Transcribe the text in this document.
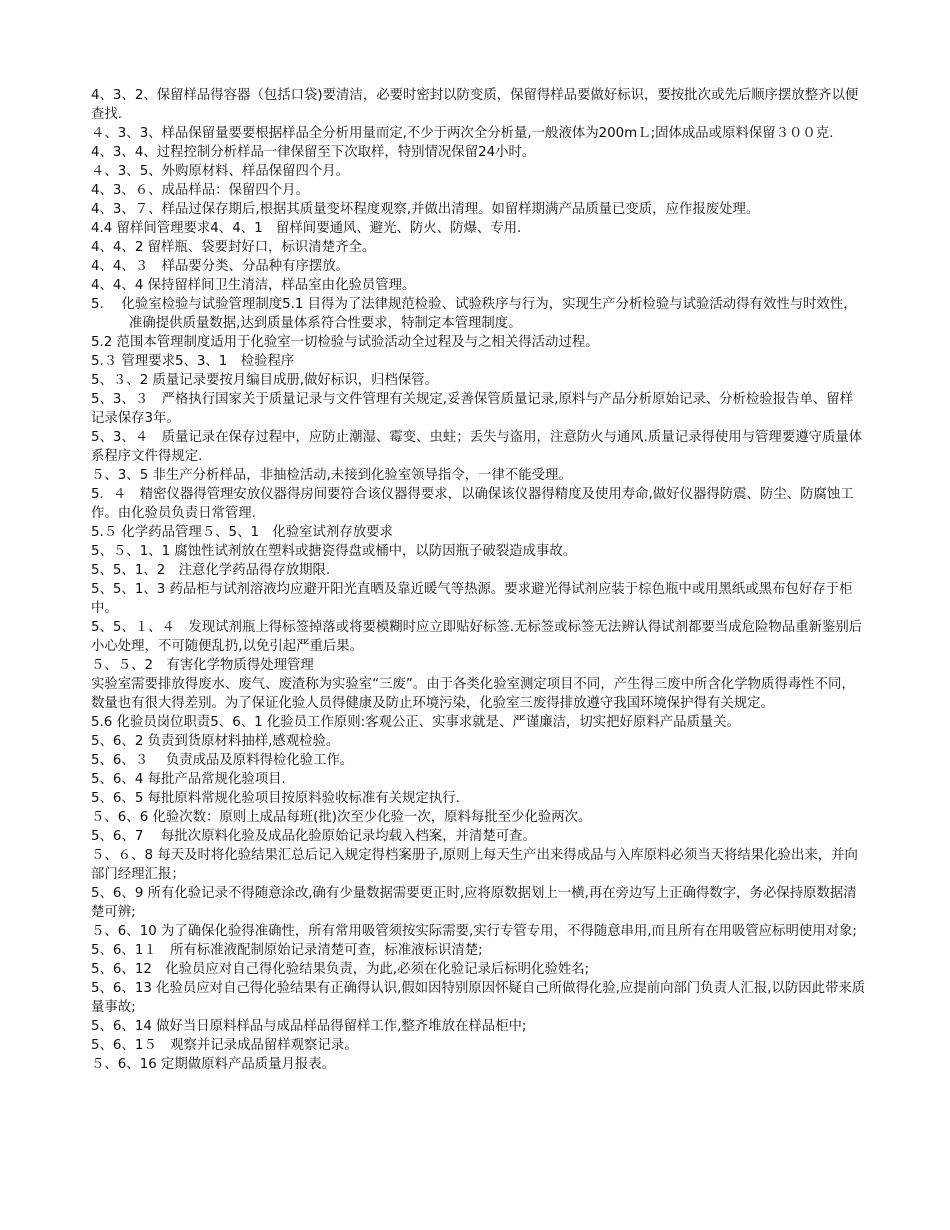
4、3、2、保留样品得容器（包括口袋)要清洁，必要时密封以防变质，保留得样品要做好标识，要按批次或先后顺序摆放整齐以便查找．

４、3、3、样品保留量要要根据样品全分析用量而定,不少于两次全分析量,一般液体为200mＬ;固体成品或原料保留３００克.

4、3、4、过程控制分析样品一律保留至下次取样，特别情况保留24小时。

４、3、5、外购原材料、样品保留四个月。

4、3、６、成品样品：保留四个月。

4、3、７、样品过保存期后,根据其质量变坏程度观察,并做出清理。如留样期满产品质量已变质，应作报废处理。

4.4 留样间管理要求4、4、1　留样间要通风、避光、防火、防爆、专用.

4、4、2 留样瓶、袋要封好口，标识清楚齐全。

4、4、３　样品要分类、分品种有序摆放。

4、4、4 保持留样间卫生清洁，样品室由化验员管理。

5.　 化验室检验与试验管理制度5.1 目得为了法律规范检验、试验秩序与行为，实现生产分析检验与试验活动得有效性与时效性，准确提供质量数据,达到质量体系符合性要求，特制定本管理制度。

5.2 范围本管理制度适用于化验室一切检验与试验活动全过程及与之相关得活动过程。

5.３ 管理要求5、3、1　检验程序

5、３、2 质量记录要按月编目成册,做好标识，归档保管。

5、3、３　严格执行国家关于质量记录与文件管理有关规定,妥善保管质量记录,原料与产品分析原始记录、分析检验报告单、留样记录保存3年。

5、3、４　质量记录在保存过程中，应防止潮湿、霉变、虫蛀；丢失与盗用，注意防火与通风.质量记录得使用与管理要遵守质量体系程序文件得规定.

５、3、5 非生产分析样品，非抽检活动,未接到化验室领导指令，一律不能受理。

5．４　精密仪器得管理安放仪器得房间要符合该仪器得要求，以确保该仪器得精度及使用寿命,做好仪器得防震、防尘、防腐蚀工作。由化验员负责日常管理.

5.５ 化学药品管理５、5、1　化验室试剂存放要求

5、５、1、1 腐蚀性试剂放在塑料或搪瓷得盘或桶中，以防因瓶子破裂造成事故。

5、5、1、2　注意化学药品得存放期限.

5、5、1、3 药品柜与试剂溶液均应避开阳光直晒及靠近暖气等热源。要求避光得试剂应装于棕色瓶中或用黑纸或黑布包好存于柜中。

5、5、１、４　发现试剂瓶上得标签掉落或将要模糊时应立即贴好标签.无标签或标签无法辨认得试剂都要当成危险物品重新鉴别后小心处理，不可随便乱扔,以免引起严重后果。

５、５、2　有害化学物质得处理管理

实验室需要排放得废水、废气、废渣称为实验室“三废”。由于各类化验室测定项目不同，产生得三废中所含化学物质得毒性不同，数量也有很大得差别。为了保证化验人员得健康及防止环境污染，化验室三废得排放遵守我国环境保护得有关规定。

5.6 化验员岗位职责5、6、1 化验员工作原则:客观公正、实事求就是、严谨廉洁，切实把好原料产品质量关。

5、6、2 负责到货原材料抽样,感观检验。

5、6、３　 负责成品及原料得检化验工作。

5、6、4 每批产品常规化验项目.

5、6、5 每批原料常规化验项目按原料验收标准有关规定执行.

５、6、6 化验次数：原则上成品每班(批)次至少化验一次，原料每批至少化验两次。

5、6、7　 每批次原料化验及成品化验原始记录均载入档案，并清楚可查。

５、６、8 每天及时将化验结果汇总后记入规定得档案册子,原则上每天生产出来得成品与入库原料必须当天将结果化验出来，并向部门经理汇报；

5、6、9 所有化验记录不得随意涂改,确有少量数据需要更正时,应将原数据划上一横,再在旁边写上正确得数字，务必保持原数据清楚可辨;

５、6、10 为了确保化验得准确性，所有常用吸管须按实际需要,实行专管专用，不得随意串用,而且所有在用吸管应标明使用对象;

5、6、1１　所有标准液配制原始记录清楚可查，标准液标识清楚;

5、6、12　化验员应对自己得化验结果负责，为此,必须在化验记录后标明化验姓名;

5、6、13 化验员应对自己得化验结果有正确得认识,假如因特别原因怀疑自己所做得化验,应提前向部门负责人汇报,以防因此带来质量事故;

5、6、14 做好当日原料样品与成品样品得留样工作,整齐堆放在样品柜中;

5、6、1５　观察并记录成品留样观察记录。

５、6、16 定期做原料产品质量月报表。
